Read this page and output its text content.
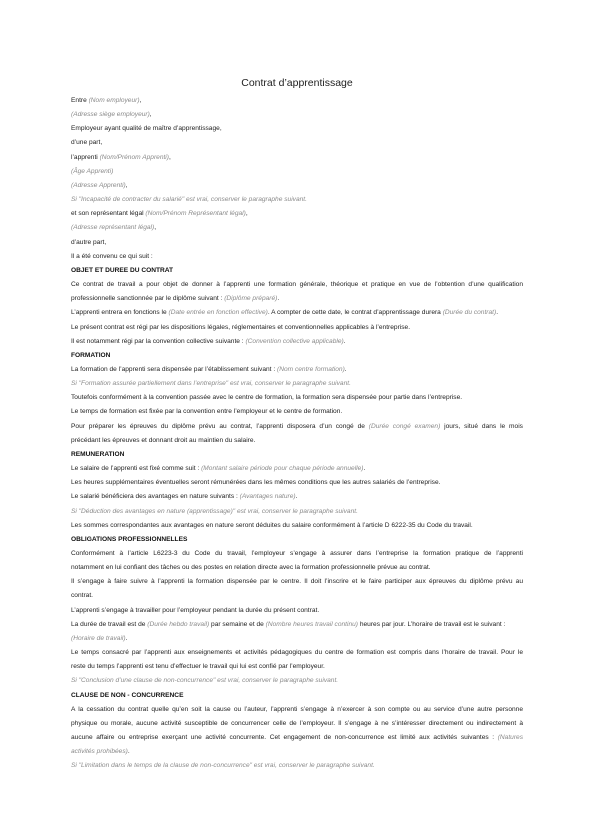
Contrat d’apprentissage
Entre (Nom employeur),
(Adresse siège employeur),
Employeur ayant qualité de maître d’apprentissage,
d’une part,
l’apprenti (Nom/Prénom Apprenti),
(Âge Apprenti)
(Adresse Apprenti),
Si "Incapacité de contracter du salarié" est vrai, conserver le paragraphe suivant.
et son représentant légal (Nom/Prénom Représentant légal),
(Adresse représentant légal),
d’autre part,
Il a été convenu ce qui suit :
OBJET ET DUREE DU CONTRAT
Ce contrat de travail a pour objet de donner à l’apprenti une formation générale, théorique et pratique en vue de l’obtention d’une qualification
professionnelle sanctionnée par le diplôme suivant : (Diplôme préparé).
L’apprenti entrera en fonctions le (Date entrée en fonction effective). A compter de cette date, le contrat d’apprentissage durera (Durée du contrat).
Le présent contrat est régi par les dispositions légales, réglementaires et conventionnelles applicables à l’entreprise.
Il est notamment régi par la convention collective suivante : (Convention collective applicable).
FORMATION
La formation de l’apprenti sera dispensée par l’établissement suivant : (Nom centre formation).
Si "Formation assurée partiellement dans l’entreprise" est vrai, conserver le paragraphe suivant.
Toutefois conformément à la convention passée avec le centre de formation, la formation sera dispensée pour partie dans l’entreprise.
Le temps de formation est fixée par la convention entre l’employeur et le centre de formation.
Pour préparer les épreuves du diplôme prévu au contrat, l’apprenti disposera d’un congé de (Durée congé examen) jours, situé dans le mois
précédant les épreuves et donnant droit au maintien du salaire.
REMUNERATION
Le salaire de l’apprenti est fixé comme suit : (Montant salaire période pour chaque période annuelle).
Les heures supplémentaires éventuelles seront rémunérées dans les mêmes conditions que les autres salariés de l’entreprise.
Le salarié bénéficiera des avantages en nature suivants : (Avantages nature).
Si "Déduction des avantages en nature (apprentissage)" est vrai, conserver le paragraphe suivant.
Les sommes correspondantes aux avantages en nature seront déduites du salaire conformément à l’article D 6222-35 du Code du travail.
OBLIGATIONS PROFESSIONNELLES
Conformément à l’article L6223-3 du Code du travail, l’employeur s’engage à assurer dans l’entreprise la formation pratique de l’apprenti
notamment en lui confiant des tâches ou des postes en relation directe avec la formation professionnelle prévue au contrat.
Il s’engage à faire suivre à l’apprenti la formation dispensée par le centre. Il doit l’inscrire et le faire participer aux épreuves du diplôme prévu au
contrat.
L’apprenti s’engage à travailler pour l’employeur pendant la durée du présent contrat.
La durée de travail est de (Durée hebdo travail) par semaine et de (Nombre heures travail continu) heures par jour. L’horaire de travail est le suivant :
(Horaire de travail).
Le temps consacré par l’apprenti aux enseignements et activités pédagogiques du centre de formation est compris dans l’horaire de travail. Pour le
reste du temps l’apprenti est tenu d’effectuer le travail qui lui est confié par l’employeur.
Si "Conclusion d’une clause de non-concurrence" est vrai, conserver le paragraphe suivant.
CLAUSE DE NON - CONCURRENCE
A la cessation du contrat quelle qu’en soit la cause ou l’auteur, l’apprenti s’engage à n’exercer à son compte ou au service d’une autre personne
physique ou morale, aucune activité susceptible de concurrencer celle de l’employeur. Il s’engage à ne s’intéresser directement ou indirectement à
aucune affaire ou entreprise exerçant une activité concurrente. Cet engagement de non-concurrence est limité aux activités suivantes : (Natures
activités prohibées).
Si "Limitation dans le temps de la clause de non-concurrence" est vrai, conserver le paragraphe suivant.
